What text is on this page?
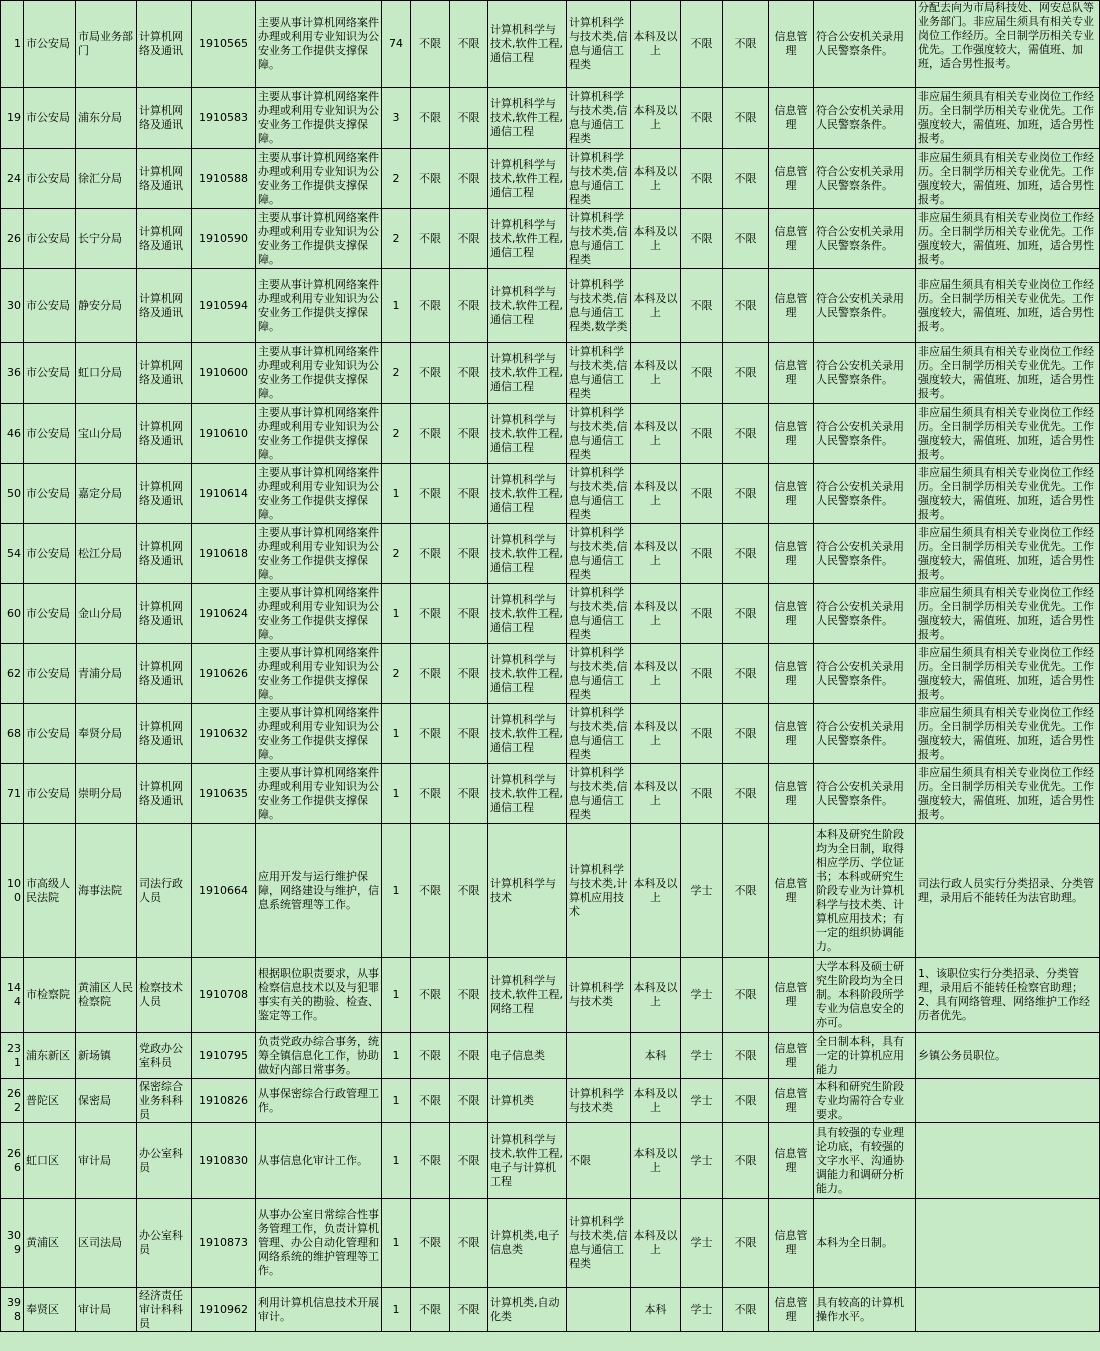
1	市公安局	市局业务部门	计算机网络及通讯	1910565	主要从事计算机网络案件办理或利用专业知识为公安业务工作提供支撑保障。	74	不限	不限	计算机科学与技术,软件工程,通信工程	计算机科学与技术类,信息与通信工程类	本科及以上	不限	不限	信息管理	符合公安机关录用人民警察条件。	分配去向为市局科技处、网安总队等业务部门。非应届生须具有相关专业岗位工作经历。全日制学历相关专业优先。工作强度较大，需值班、加班，适合男性报考。
19	市公安局	浦东分局	计算机网络及通讯	1910583	主要从事计算机网络案件办理或利用专业知识为公安业务工作提供支撑保障。	3	不限	不限	计算机科学与技术,软件工程,通信工程	计算机科学与技术类,信息与通信工程类	本科及以上	不限	不限	信息管理	符合公安机关录用人民警察条件。	非应届生须具有相关专业岗位工作经历。全日制学历相关专业优先。工作强度较大，需值班、加班，适合男性报考。
24	市公安局	徐汇分局	计算机网络及通讯	1910588	主要从事计算机网络案件办理或利用专业知识为公安业务工作提供支撑保障。	2	不限	不限	计算机科学与技术,软件工程,通信工程	计算机科学与技术类,信息与通信工程类	本科及以上	不限	不限	信息管理	符合公安机关录用人民警察条件。	非应届生须具有相关专业岗位工作经历。全日制学历相关专业优先。工作强度较大，需值班、加班，适合男性报考。
26	市公安局	长宁分局	计算机网络及通讯	1910590	主要从事计算机网络案件办理或利用专业知识为公安业务工作提供支撑保障。	2	不限	不限	计算机科学与技术,软件工程,通信工程	计算机科学与技术类,信息与通信工程类	本科及以上	不限	不限	信息管理	符合公安机关录用人民警察条件。	非应届生须具有相关专业岗位工作经历。全日制学历相关专业优先。工作强度较大，需值班、加班，适合男性报考。
30	市公安局	静安分局	计算机网络及通讯	1910594	主要从事计算机网络案件办理或利用专业知识为公安业务工作提供支撑保障。	1	不限	不限	计算机科学与技术,软件工程,通信工程	计算机科学与技术类,信息与通信工程类,数学类	本科及以上	不限	不限	信息管理	符合公安机关录用人民警察条件。	非应届生须具有相关专业岗位工作经历。全日制学历相关专业优先。工作强度较大，需值班、加班，适合男性报考。
36	市公安局	虹口分局	计算机网络及通讯	1910600	主要从事计算机网络案件办理或利用专业知识为公安业务工作提供支撑保障。	2	不限	不限	计算机科学与技术,软件工程,通信工程	计算机科学与技术类,信息与通信工程类	本科及以上	不限	不限	信息管理	符合公安机关录用人民警察条件。	非应届生须具有相关专业岗位工作经历。全日制学历相关专业优先。工作强度较大，需值班、加班，适合男性报考。
46	市公安局	宝山分局	计算机网络及通讯	1910610	主要从事计算机网络案件办理或利用专业知识为公安业务工作提供支撑保障。	2	不限	不限	计算机科学与技术,软件工程,通信工程	计算机科学与技术类,信息与通信工程类	本科及以上	不限	不限	信息管理	符合公安机关录用人民警察条件。	非应届生须具有相关专业岗位工作经历。全日制学历相关专业优先。工作强度较大，需值班、加班，适合男性报考。
50	市公安局	嘉定分局	计算机网络及通讯	1910614	主要从事计算机网络案件办理或利用专业知识为公安业务工作提供支撑保障。	1	不限	不限	计算机科学与技术,软件工程,通信工程	计算机科学与技术类,信息与通信工程类	本科及以上	不限	不限	信息管理	符合公安机关录用人民警察条件。	非应届生须具有相关专业岗位工作经历。全日制学历相关专业优先。工作强度较大，需值班、加班，适合男性报考。
54	市公安局	松江分局	计算机网络及通讯	1910618	主要从事计算机网络案件办理或利用专业知识为公安业务工作提供支撑保障。	2	不限	不限	计算机科学与技术,软件工程,通信工程	计算机科学与技术类,信息与通信工程类	本科及以上	不限	不限	信息管理	符合公安机关录用人民警察条件。	非应届生须具有相关专业岗位工作经历。全日制学历相关专业优先。工作强度较大，需值班、加班，适合男性报考。
60	市公安局	金山分局	计算机网络及通讯	1910624	主要从事计算机网络案件办理或利用专业知识为公安业务工作提供支撑保障。	1	不限	不限	计算机科学与技术,软件工程,通信工程	计算机科学与技术类,信息与通信工程类	本科及以上	不限	不限	信息管理	符合公安机关录用人民警察条件。	非应届生须具有相关专业岗位工作经历。全日制学历相关专业优先。工作强度较大，需值班、加班，适合男性报考。
62	市公安局	青浦分局	计算机网络及通讯	1910626	主要从事计算机网络案件办理或利用专业知识为公安业务工作提供支撑保障。	2	不限	不限	计算机科学与技术,软件工程,通信工程	计算机科学与技术类,信息与通信工程类	本科及以上	不限	不限	信息管理	符合公安机关录用人民警察条件。	非应届生须具有相关专业岗位工作经历。全日制学历相关专业优先。工作强度较大，需值班、加班，适合男性报考。
68	市公安局	奉贤分局	计算机网络及通讯	1910632	主要从事计算机网络案件办理或利用专业知识为公安业务工作提供支撑保障。	1	不限	不限	计算机科学与技术,软件工程,通信工程	计算机科学与技术类,信息与通信工程类	本科及以上	不限	不限	信息管理	符合公安机关录用人民警察条件。	非应届生须具有相关专业岗位工作经历。全日制学历相关专业优先。工作强度较大，需值班、加班，适合男性报考。
71	市公安局	崇明分局	计算机网络及通讯	1910635	主要从事计算机网络案件办理或利用专业知识为公安业务工作提供支撑保障。	1	不限	不限	计算机科学与技术,软件工程,通信工程	计算机科学与技术类,信息与通信工程类	本科及以上	不限	不限	信息管理	符合公安机关录用人民警察条件。	非应届生须具有相关专业岗位工作经历。全日制学历相关专业优先。工作强度较大，需值班、加班，适合男性报考。
100	市高级人民法院	海事法院	司法行政人员	1910664	应用开发与运行维护保障，网络建设与维护，信息系统管理等工作。	1	不限	不限	计算机科学与技术	计算机科学与技术类,计算机应用技术	本科及以上	学士	不限	信息管理	本科及研究生阶段均为全日制，取得相应学历、学位证书；本科或研究生阶段专业为计算机科学与技术类、计算机应用技术；有一定的组织协调能力。	司法行政人员实行分类招录、分类管理，录用后不能转任为法官助理。
144	市检察院	黄浦区人民检察院	检察技术人员	1910708	根据职位职责要求，从事检察信息技术以及与犯罪事实有关的勘验、检查、鉴定等工作。	1	不限	不限	计算机科学与技术,软件工程,网络工程	计算机科学与技术类	本科及以上	学士	不限	信息管理	大学本科及硕士研究生阶段均为全日制。本科阶段所学专业为信息安全的亦可。	1、该职位实行分类招录、分类管理，录用后不能转任检察官助理；2、具有网络管理、网络维护工作经历者优先。
231	浦东新区	新场镇	党政办公室科员	1910795	负责党政办综合事务，统筹全镇信息化工作，协助做好内部日常事务。	1	不限	不限	电子信息类		本科	学士	不限	信息管理	全日制本科，具有一定的计算机应用能力	乡镇公务员职位。
262	普陀区	保密局	保密综合业务科科员	1910826	从事保密综合行政管理工作。	1	不限	不限	计算机类	计算机科学与技术类	本科及以上	学士	不限	信息管理	本科和研究生阶段专业均需符合专业要求。	
266	虹口区	审计局	办公室科员	1910830	从事信息化审计工作。	1	不限	不限	计算机科学与技术,软件工程,电子与计算机工程	不限	本科及以上	学士	不限	信息管理	具有较强的专业理论功底，有较强的文字水平、沟通协调能力和调研分析能力。	
309	黄浦区	区司法局	办公室科员	1910873	从事办公室日常综合性事务管理工作，负责计算机管理、办公自动化管理和网络系统的维护管理等工作。	1	不限	不限	计算机类,电子信息类	计算机科学与技术类,信息与通信工程类	本科及以上	学士	不限	信息管理	本科为全日制。	
398	奉贤区	审计局	经济责任审计科科员	1910962	利用计算机信息技术开展审计。	1	不限	不限	计算机类,自动化类		本科	学士	不限	信息管理	具有较高的计算机操作水平。	
